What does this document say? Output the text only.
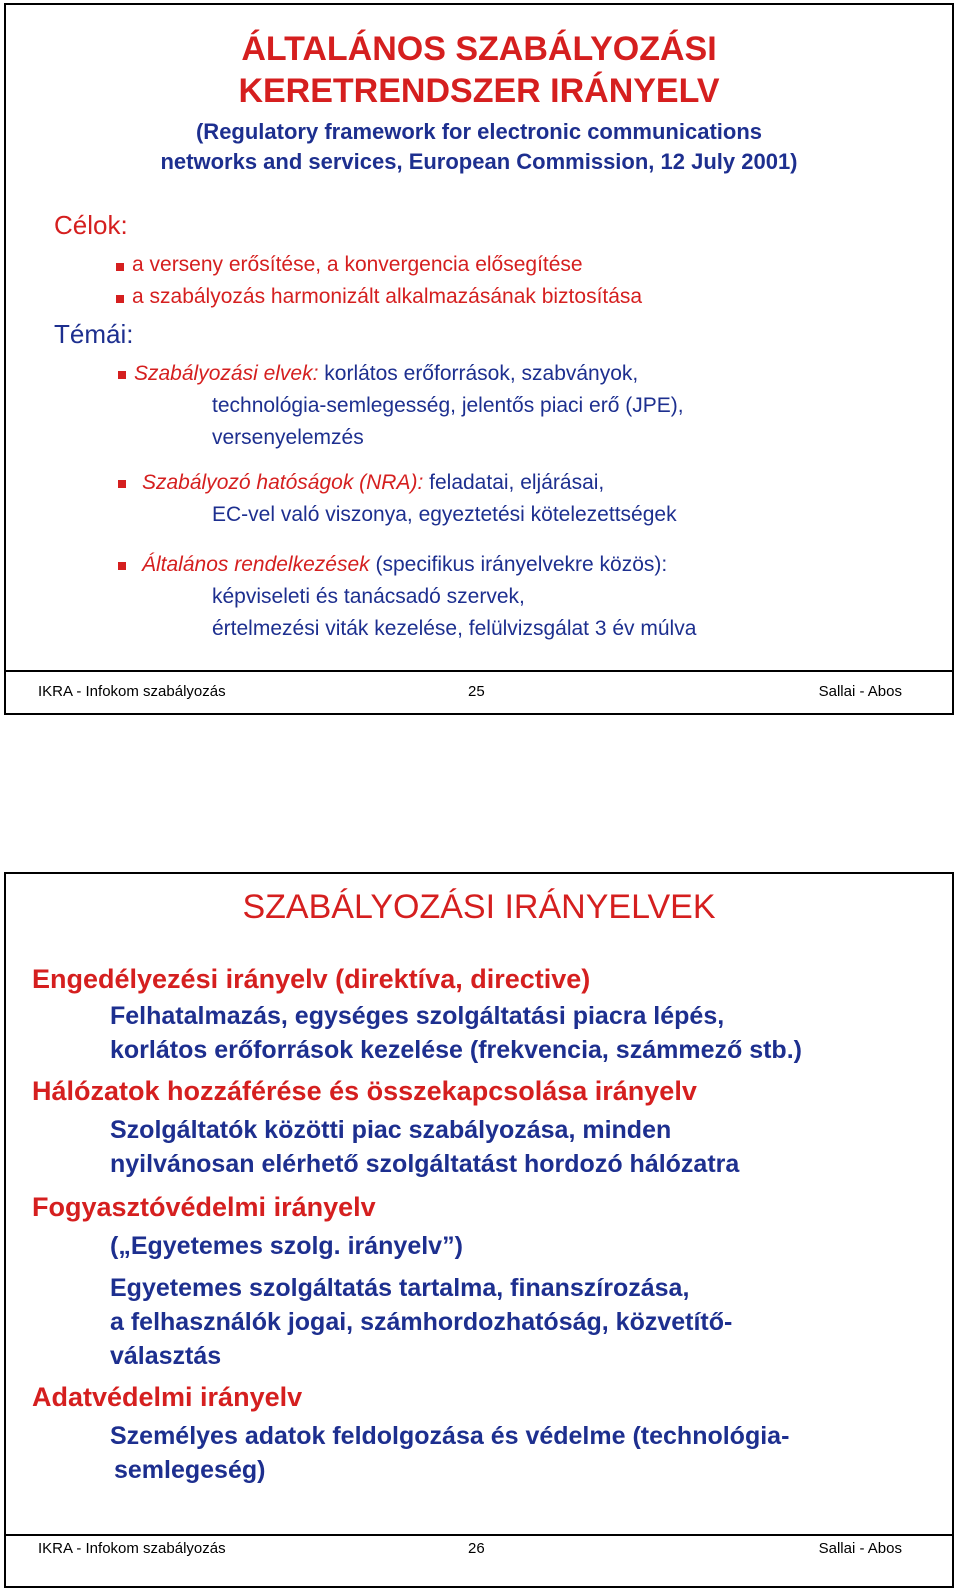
ÁLTALÁNOS SZABÁLYOZÁSI
KERETRENDSZER IRÁNYELV
(Regulatory framework for electronic communications
networks and services, European Commission, 12 July 2001)
Célok:
a verseny erősítése, a konvergencia elősegítése
a szabályozás harmonizált alkalmazásának biztosítása
Témái:
Szabályozási elvek: korlátos erőforrások, szabványok,
technológia-semlegesség, jelentős piaci erő (JPE),
versenyelemzés
Szabályozó hatóságok (NRA): feladatai, eljárásai,
EC-vel való viszonya, egyeztetési kötelezettségek
Általános rendelkezések (specifikus irányelvekre közös):
képviseleti és tanácsadó szervek,
értelmezési viták kezelése, felülvizsgálat 3 év múlva
IKRA - Infokom szabályozás	25	Sallai - Abos
SZABÁLYOZÁSI IRÁNYELVEK
Engedélyezési irányelv (direktíva, directive)
Felhatalmazás, egységes szolgáltatási piacra lépés,
korlátos erőforrások kezelése (frekvencia, számmező stb.)
Hálózatok hozzáférése és összekapcsolása irányelv
Szolgáltatók közötti piac szabályozása, minden
nyilvánosan elérhető szolgáltatást hordozó hálózatra
Fogyasztóvédelmi irányelv
(„Egyetemes szolg. irányelv”)
Egyetemes szolgáltatás tartalma, finanszírozása,
a felhasználók jogai, számhordozhatóság, közvetítő-
választás
Adatvédelmi irányelv
Személyes adatok feldolgozása és védelme (technológia-
semlegeség)
IKRA - Infokom szabályozás	26	Sallai - Abos
